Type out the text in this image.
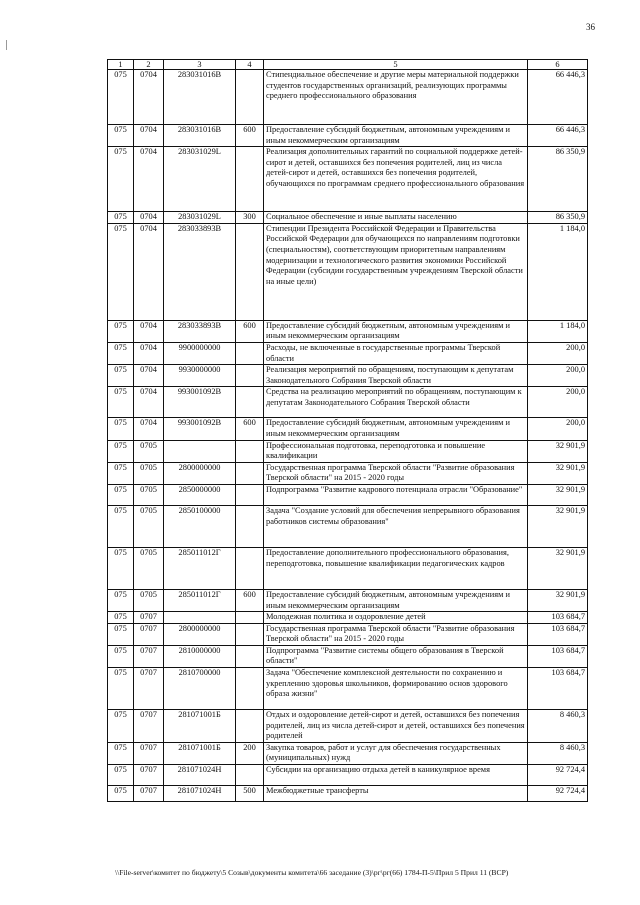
36
1	2	3	4	5	6
075	0704	283031016В		Стипендиальное обеспечение и другие меры материальной поддержки студентов государственных организаций, реализующих программы среднего профессионального образования	66 446,3
075	0704	283031016В	600	Предоставление субсидий бюджетным, автономным учреждениям и иным некоммерческим организациям	66 446,3
075	0704	283031029L		Реализация дополнительных гарантий по социальной поддержке детей-сирот и детей, оставшихся без попечения родителей, лиц из числа детей-сирот и детей, оставшихся без попечения родителей, обучающихся по программам среднего профессионального образования	86 350,9
075	0704	283031029L	300	Социальное обеспечение и иные выплаты населению	86 350,9
075	0704	283033893В		Стипендии Президента Российской Федерации и Правительства Российской Федерации для обучающихся по направлениям подготовки (специальностям), соответствующим приоритетным направлениям модернизации и технологического развития экономики Российской Федерации (субсидии государственным учреждениям Тверской области на иные цели)	1 184,0
075	0704	283033893В	600	Предоставление субсидий бюджетным, автономным учреждениям и иным некоммерческим организациям	1 184,0
075	0704	9900000000		Расходы, не включенные в государственные программы Тверской области	200,0
075	0704	9930000000		Реализация мероприятий по обращениям, поступающим к депутатам Законодательного Собрания Тверской области	200,0
075	0704	993001092В		Средства на реализацию мероприятий по обращениям, поступающим к депутатам Законодательного Собрания Тверской области	200,0
075	0704	993001092В	600	Предоставление субсидий бюджетным, автономным учреждениям и иным некоммерческим организациям	200,0
075	0705			Профессиональная подготовка, переподготовка и повышение квалификации	32 901,9
075	0705	2800000000		Государственная программа Тверской области "Развитие образования Тверской области" на 2015 - 2020 годы	32 901,9
075	0705	2850000000		Подпрограмма "Развитие кадрового потенциала отрасли "Образование"	32 901,9
075	0705	2850100000		Задача "Создание условий для обеспечения непрерывного образования работников системы образования"	32 901,9
075	0705	285011012Г		Предоставление дополнительного профессионального образования, переподготовка, повышение квалификации педагогических кадров	32 901,9
075	0705	285011012Г	600	Предоставление субсидий бюджетным, автономным учреждениям и иным некоммерческим организациям	32 901,9
075	0707			Молодежная политика и оздоровление детей	103 684,7
075	0707	2800000000		Государственная программа Тверской области "Развитие образования Тверской области" на 2015 - 2020 годы	103 684,7
075	0707	2810000000		Подпрограмма "Развитие системы общего образования в Тверской области"	103 684,7
075	0707	2810700000		Задача "Обеспечение комплексной деятельности по сохранению и укреплению здоровья школьников, формированию основ здорового образа жизни"	103 684,7
075	0707	281071001Б		Отдых и оздоровление детей-сирот и детей, оставшихся без попечения родителей, лиц из числа детей-сирот и детей, оставшихся без попечения родителей	8 460,3
075	0707	281071001Б	200	Закупка товаров, работ и услуг для обеспечения государственных (муниципальных) нужд	8 460,3
075	0707	281071024Н		Субсидии на организацию отдыха детей в каникулярное время	92 724,4
075	0707	281071024Н	500	Межбюджетные трансферты	92 724,4
\\File-server\комитет по бюджету\5 Созыв\документы комитета\66 заседание (3)\рг\рг(66) 1784-П-5\Прил 5 Прил 11 (ВСР)
